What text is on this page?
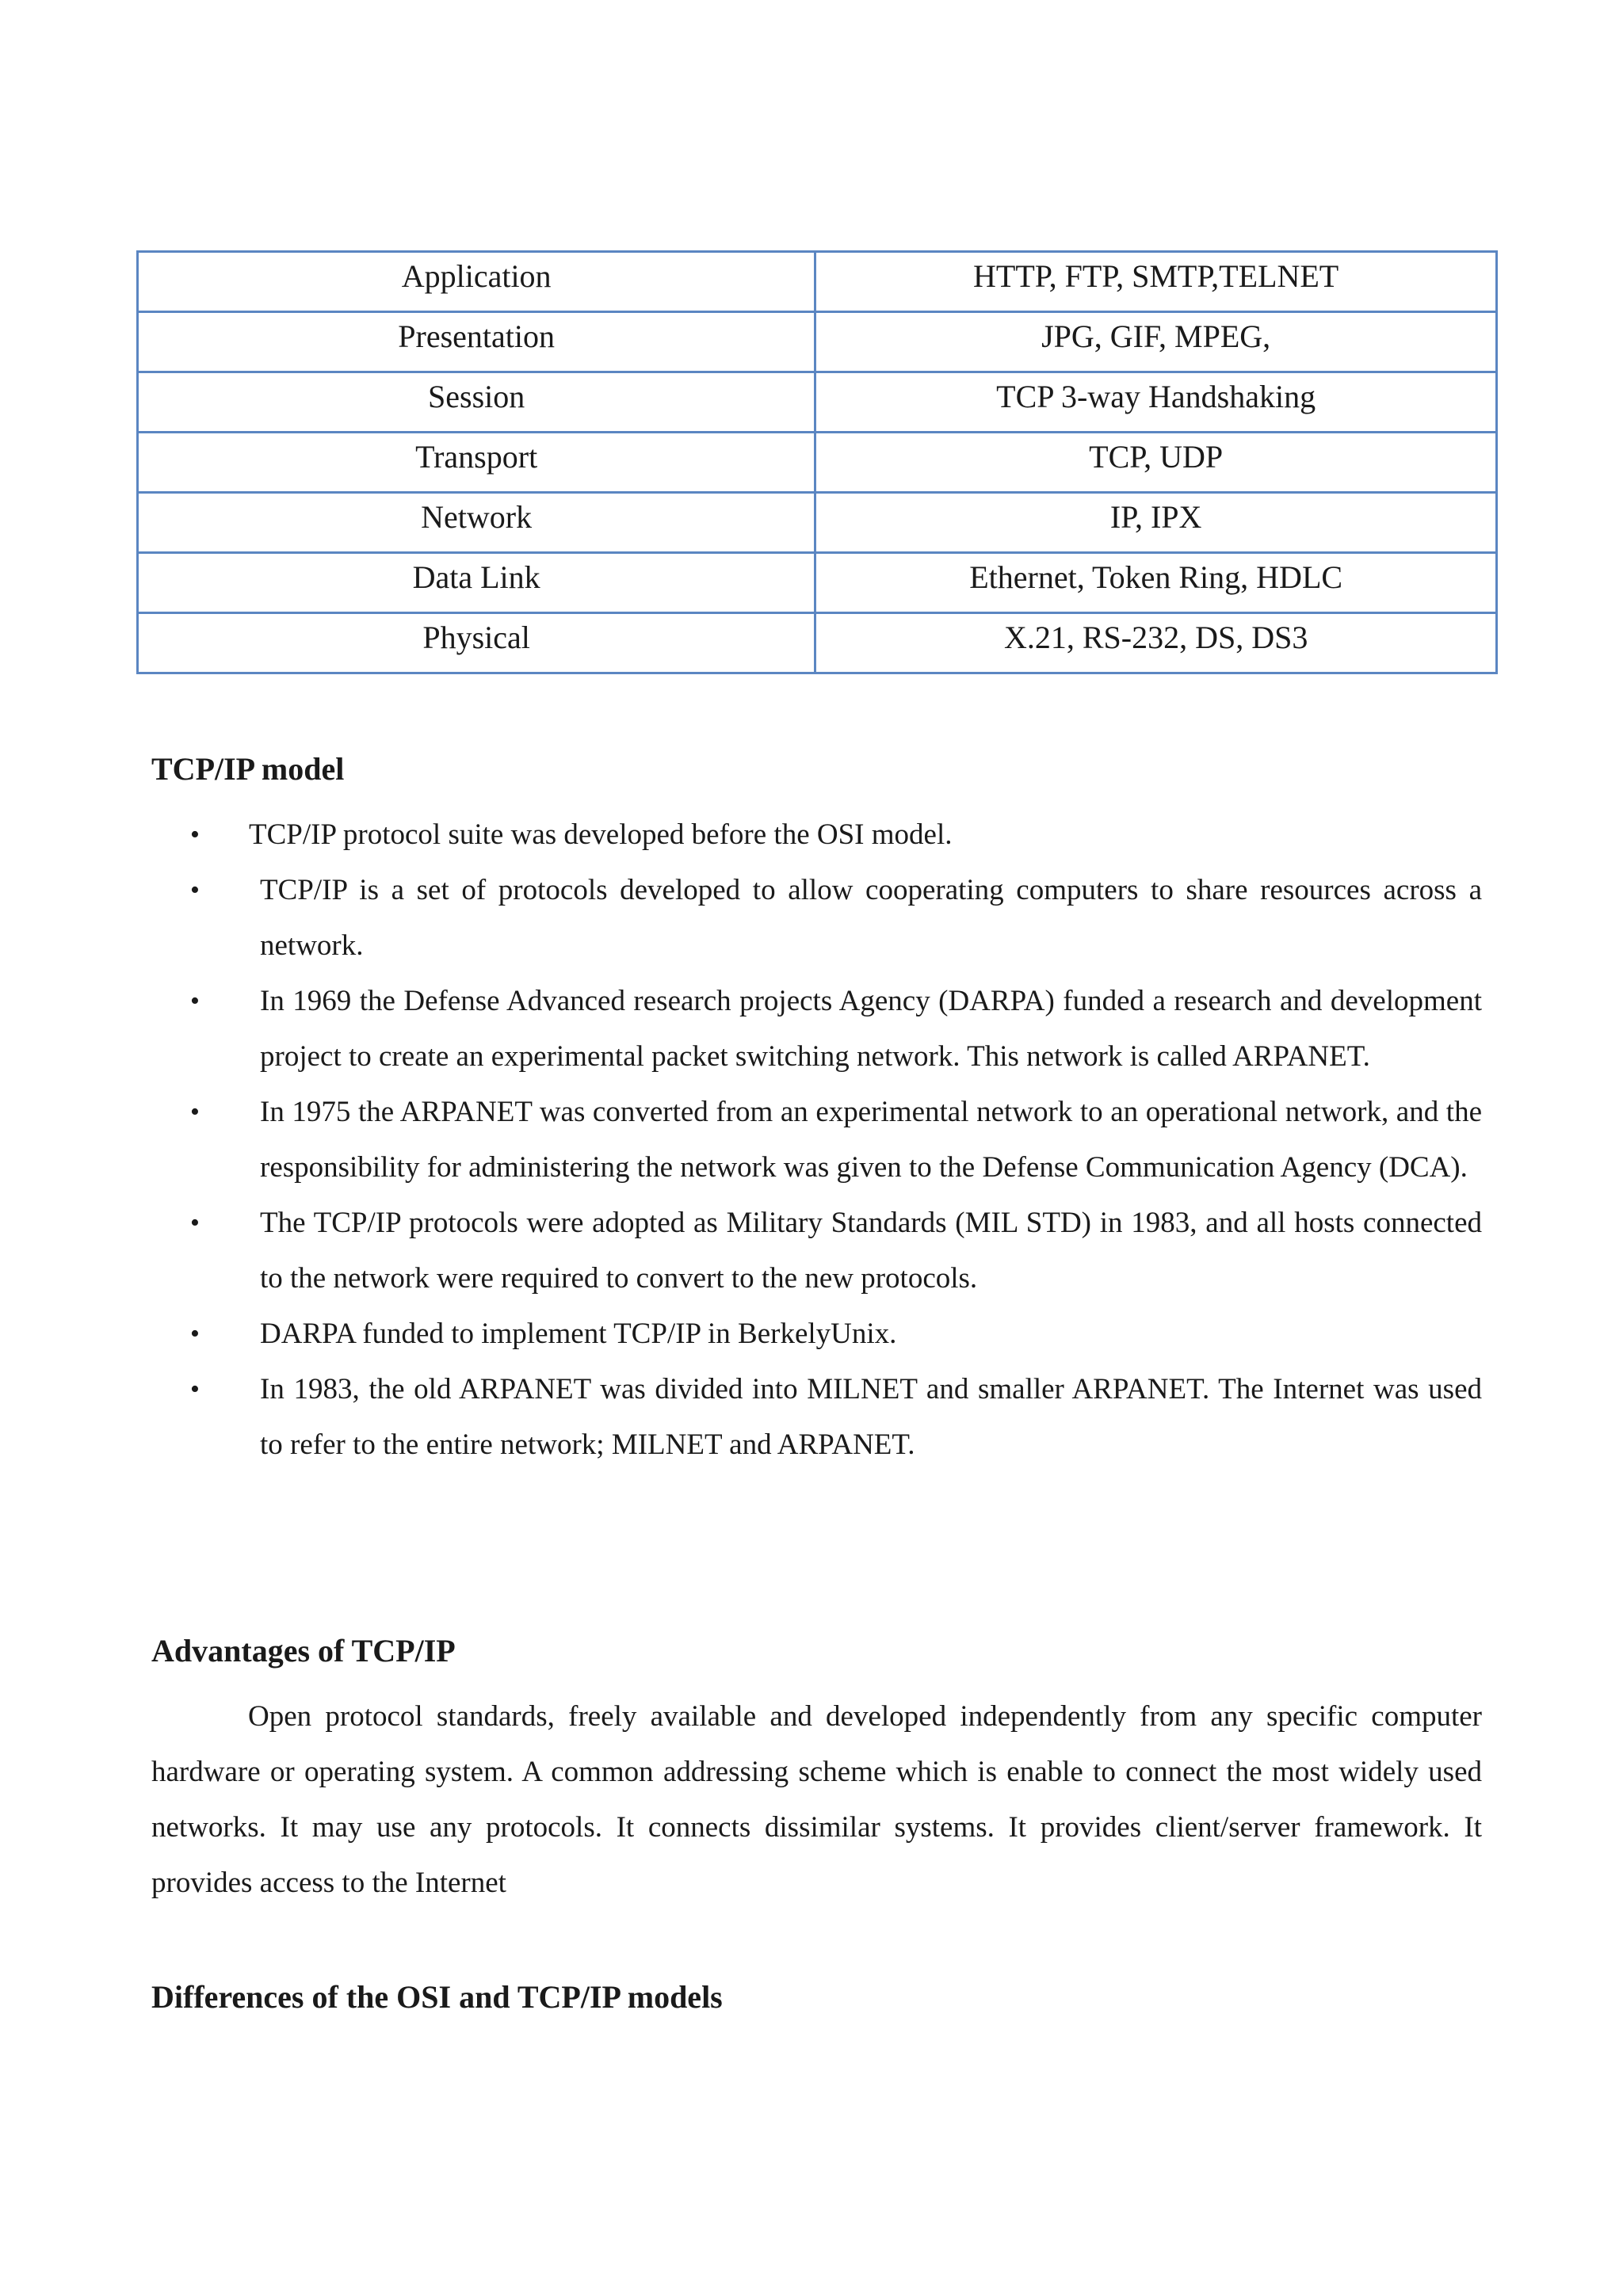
Application	HTTP, FTP, SMTP,TELNET
Presentation	JPG, GIF, MPEG,
Session	TCP 3-way Handshaking
Transport	TCP, UDP
Network	IP, IPX
Data Link	Ethernet, Token Ring, HDLC
Physical	X.21, RS-232, DS, DS3
TCP/IP model
• TCP/IP protocol suite was developed before the OSI model.
• TCP/IP is a set of protocols developed to allow cooperating computers to share resources across a network.
• In 1969 the Defense Advanced research projects Agency (DARPA) funded a research and development project to create an experimental packet switching network. This network is called ARPANET.
• In 1975 the ARPANET was converted from an experimental network to an operational network, and the responsibility for administering the network was given to the Defense Communication Agency (DCA).
• The TCP/IP protocols were adopted as Military Standards (MIL STD) in 1983, and all hosts connected to the network were required to convert to the new protocols.
• DARPA funded to implement TCP/IP in BerkelyUnix.
• In 1983, the old ARPANET was divided into MILNET and smaller ARPANET. The Internet was used to refer to the entire network; MILNET and ARPANET.
Advantages of TCP/IP

Open protocol standards, freely available and developed independently from any specific computer hardware or operating system. A common addressing scheme which is enable to connect the most widely used networks. It may use any protocols. It connects dissimilar systems. It provides client/server framework. It provides access to the Internet

Differences of the OSI and TCP/IP models
